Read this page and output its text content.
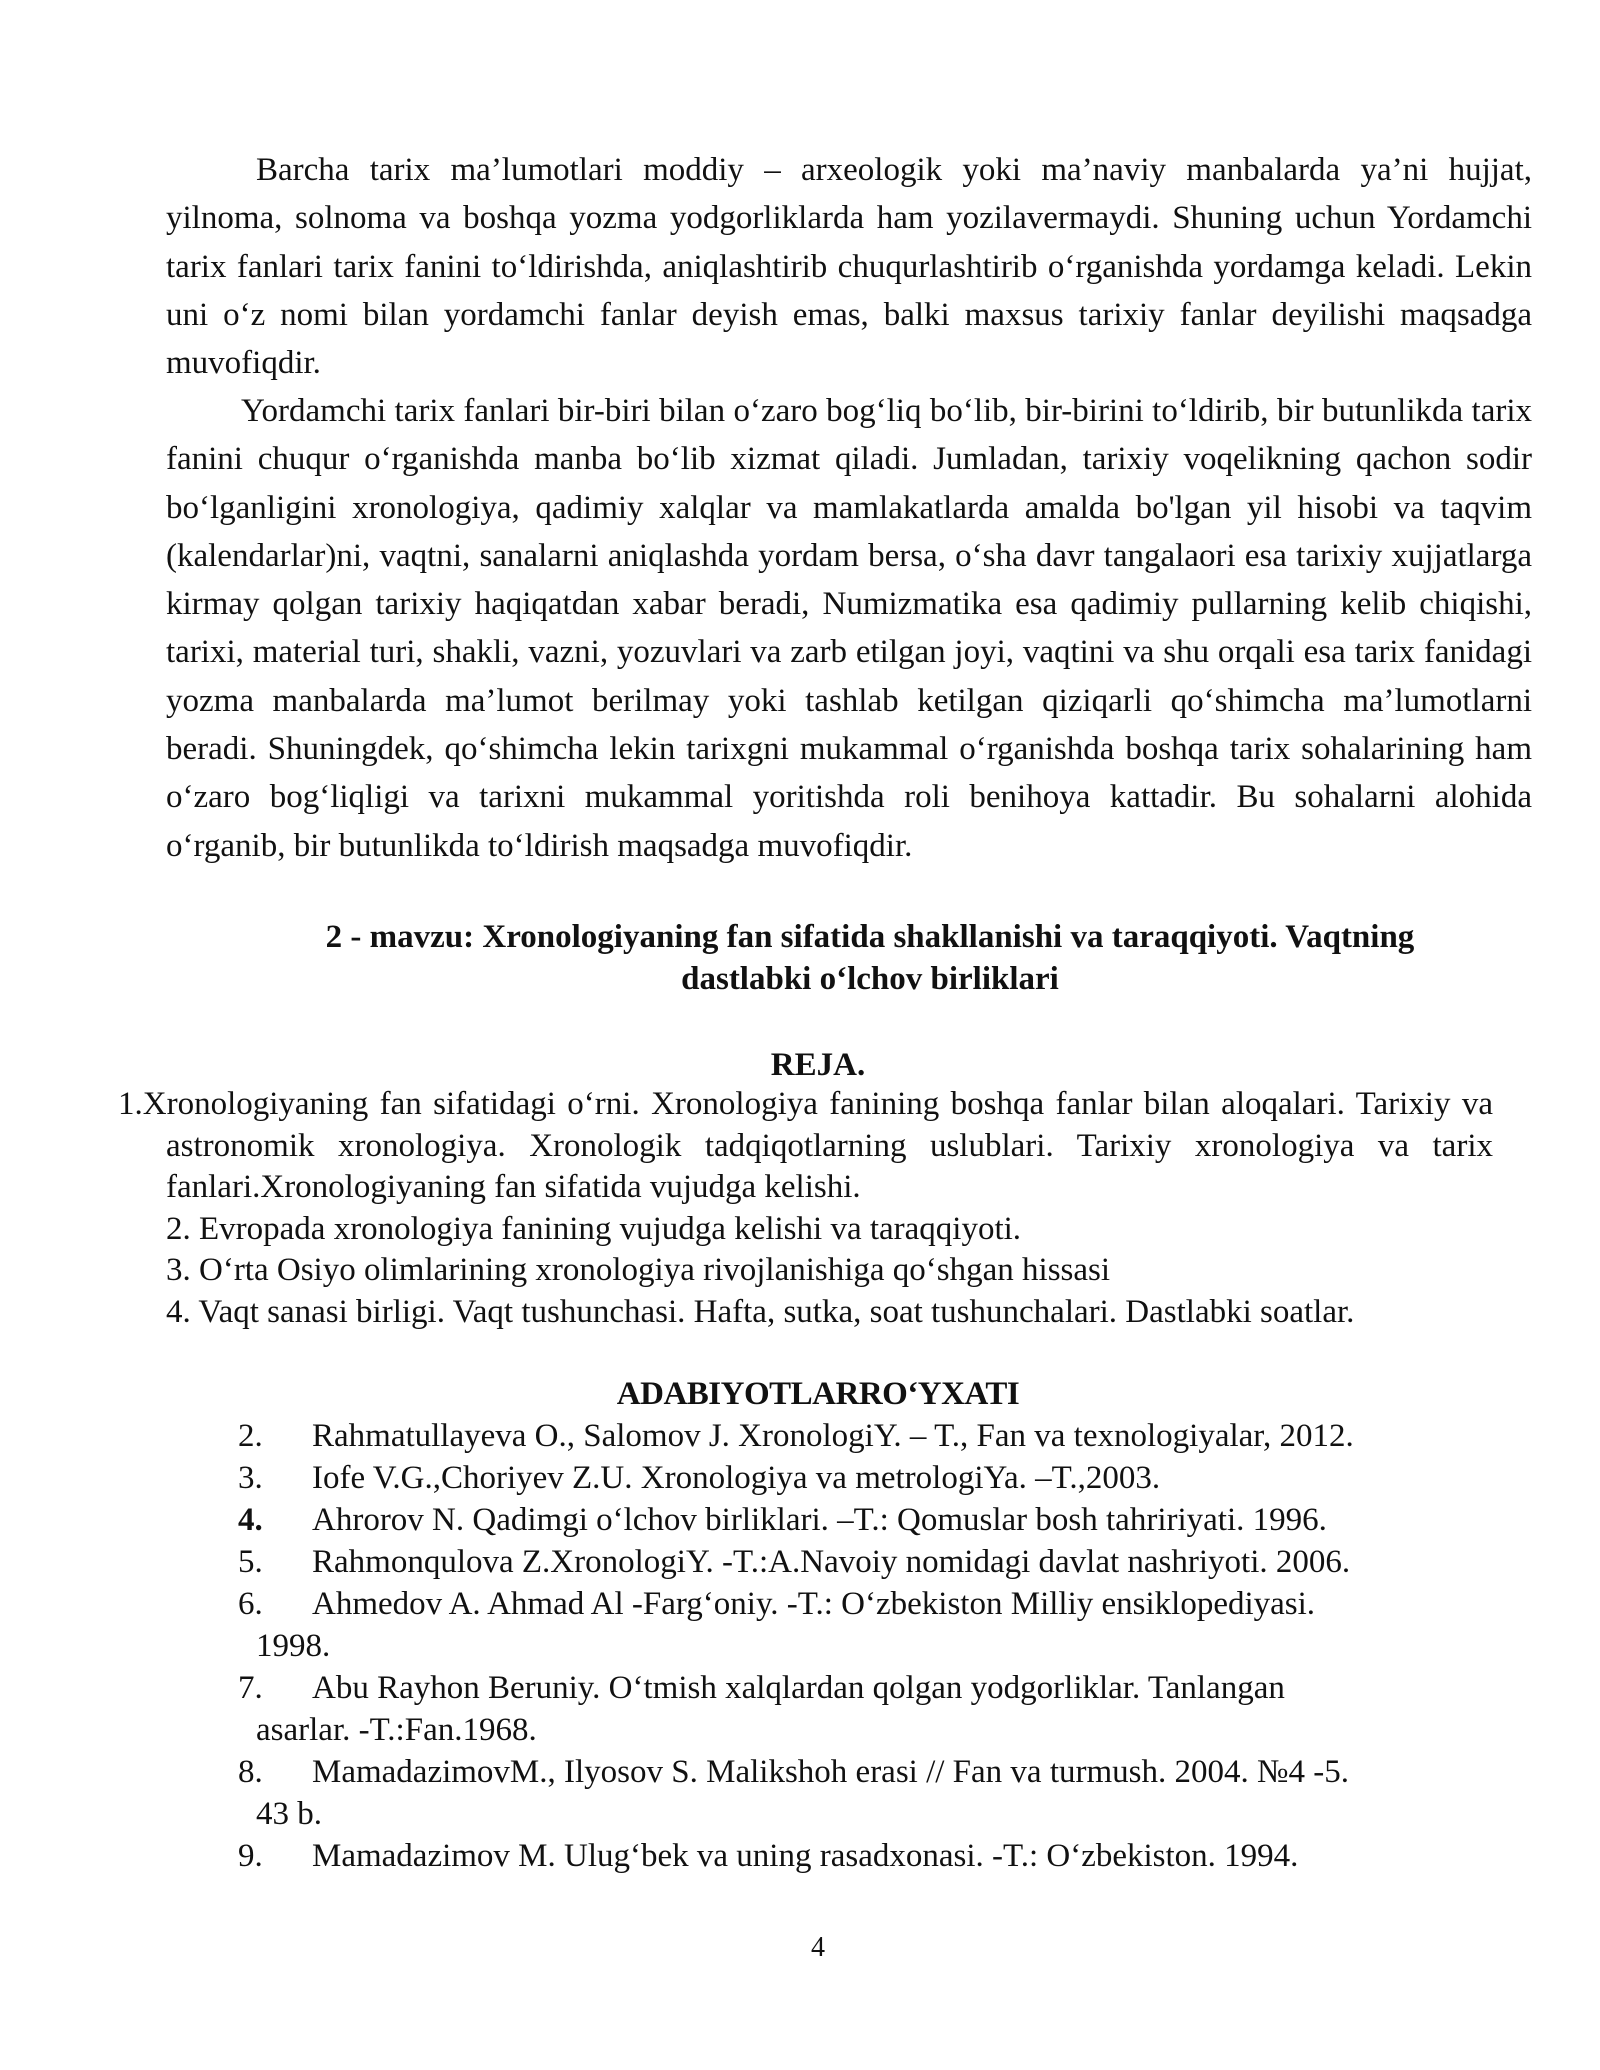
Barcha tarix ma’lumotlari moddiy – arxeologik yoki ma’naviy manbalarda ya’ni hujjat, yilnoma, solnoma va boshqa yozma yodgorliklarda ham yozilavermaydi. Shuning uchun Yordamchi tarix fanlari tarix fanini to‘ldirishda, aniqlashtirib chuqurlashtirib o‘rganishda yordamga keladi. Lekin uni o‘z nomi bilan yordamchi fanlar deyish emas, balki maxsus tarixiy fanlar deyilishi maqsadga muvofiqdir.

Yordamchi tarix fanlari bir-biri bilan o‘zaro bog‘liq bo‘lib, bir-birini to‘ldirib, bir butunlikda tarix fanini chuqur o‘rganishda manba bo‘lib xizmat qiladi. Jumladan, tarixiy voqelikning qachon sodir bo‘lganligini xronologiya, qadimiy xalqlar va mamlakatlarda amalda bo'lgan yil hisobi va taqvim (kalendarlar)ni, vaqtni, sanalarni aniqlashda yordam bersa, o‘sha davr tangalaori esa tarixiy xujjatlarga kirmay qolgan tarixiy haqiqatdan xabar beradi, Numizmatika esa qadimiy pullarning kelib chiqishi, tarixi, material turi, shakli, vazni, yozuvlari va zarb etilgan joyi, vaqtini va shu orqali esa tarix fanidagi yozma manbalarda ma’lumot berilmay yoki tashlab ketilgan qiziqarli qo‘shimcha ma’lumotlarni beradi. Shuningdek, qo‘shimcha lekin tarixgni mukammal o‘rganishda boshqa tarix sohalarining ham o‘zaro bog‘liqligi va tarixni mukammal yoritishda roli benihoya kattadir. Bu sohalarni alohida o‘rganib, bir butunlikda to‘ldirish maqsadga muvofiqdir.

2 - mavzu: Xronologiyaning fan sifatida shakllanishi va taraqqiyoti. Vaqtning
dastlabki o‘lchov birliklari
REJA.
1.Xronologiyaning fan sifatidagi o‘rni. Xronologiya fanining boshqa fanlar bilan aloqalari. Tarixiy va astronomik xronologiya. Xronologik tadqiqotlarning uslublari. Tarixiy xronologiya va tarix fanlari.Xronologiyaning fan sifatida vujudga kelishi.
2. Evropada xronologiya fanining vujudga kelishi va taraqqiyoti.
3. O‘rta Osiyo olimlarining xronologiya rivojlanishiga qo‘shgan hissasi
4. Vaqt sanasi birligi. Vaqt tushunchasi. Hafta, sutka, soat tushunchalari. Dastlabki soatlar.
ADABIYOTLARRO‘YXATI
2. Rahmatullayeva O., Salomov J. XronologiY. – T., Fan va texnologiyalar, 2012.
3. Iofe V.G.,Choriyev Z.U. Xronologiya va metrologiYa. –T.,2003.
4. Ahrorov N. Qadimgi o‘lchov birliklari. –T.: Qomuslar bosh tahririyati. 1996.
5. Rahmonqulova Z.XronologiY. -T.:A.Navoiy nomidagi davlat nashriyoti. 2006.
6. Ahmedov A. Ahmad Al -Farg‘oniy. -T.: O‘zbekiston Milliy ensiklopediyasi.
1998.
7. Abu Rayhon Beruniy. O‘tmish xalqlardan qolgan yodgorliklar. Tanlangan
asarlar. -T.:Fan.1968.
8. MamadazimovM., Ilyosov S. Malikshoh erasi // Fan va turmush. 2004. №4 -5.
43 b.
9. Mamadazimov M. Ulug‘bek va uning rasadxonasi. -T.: O‘zbekiston. 1994.
4
